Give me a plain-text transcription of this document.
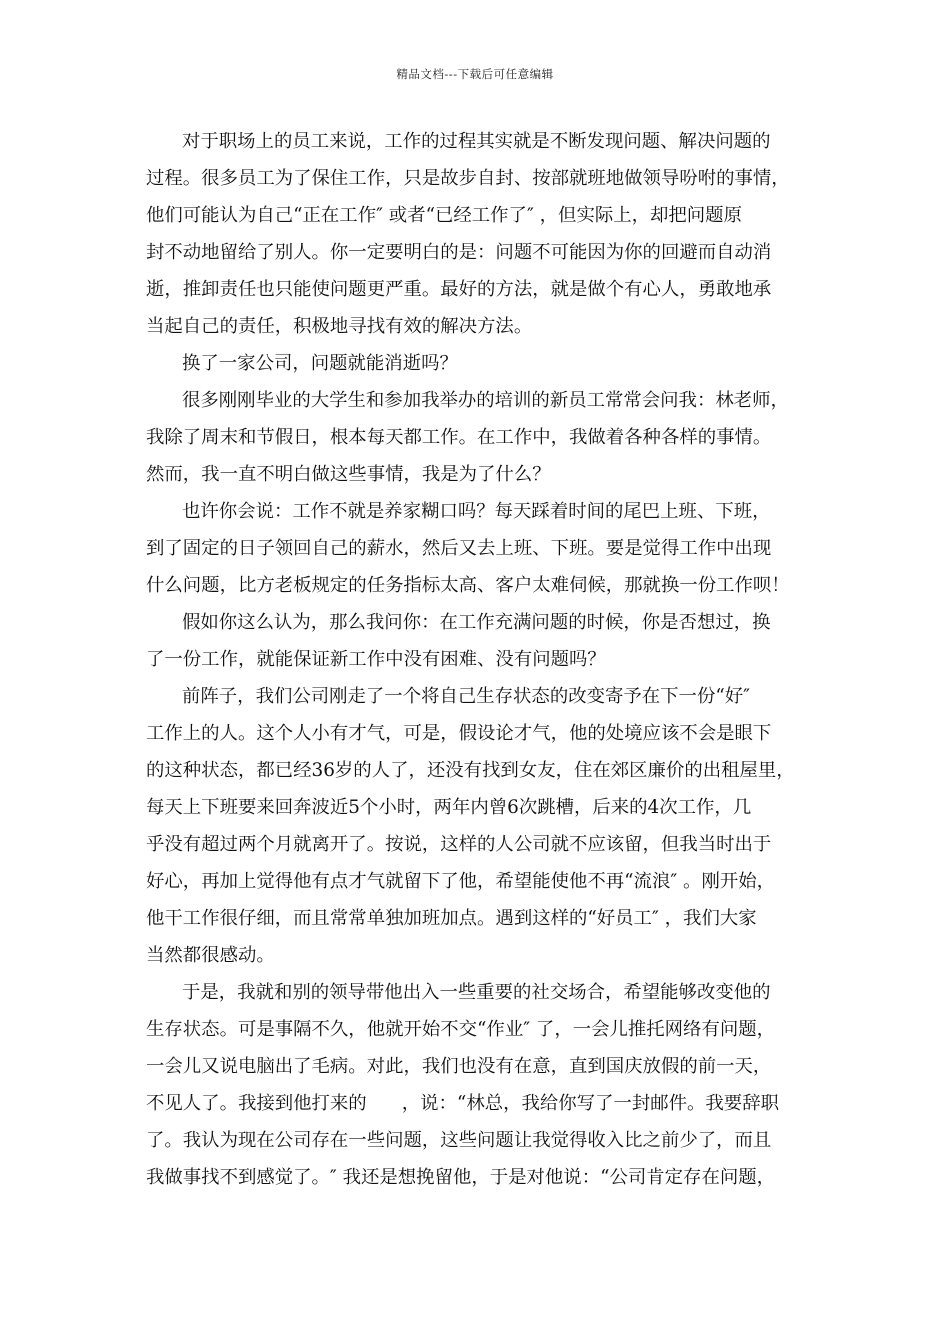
精品文档---下载后可任意编辑
对于职场上的员工来说，工作的过程其实就是不断发现问题、解决问题的
过程。很多员工为了保住工作，只是故步自封、按部就班地做领导吩咐的事情，
他们可能认为自己“正在工作″ 或者“已经工作了″ ，但实际上，却把问题原
封不动地留给了别人。你一定要明白的是：问题不可能因为你的回避而自动消
逝，推卸责任也只能使问题更严重。最好的方法，就是做个有心人，勇敢地承
当起自己的责任，积极地寻找有效的解决方法。
换了一家公司，问题就能消逝吗？
很多刚刚毕业的大学生和参加我举办的培训的新员工常常会问我：林老师，
我除了周末和节假日，根本每天都工作。在工作中，我做着各种各样的事情。
然而，我一直不明白做这些事情，我是为了什么？
也许你会说：工作不就是养家糊口吗？每天踩着时间的尾巴上班、下班，
到了固定的日子领回自己的薪水，然后又去上班、下班。要是觉得工作中出现
什么问题，比方老板规定的任务指标太高、客户太难伺候，那就换一份工作呗！
假如你这么认为，那么我问你：在工作充满问题的时候，你是否想过，换
了一份工作，就能保证新工作中没有困难、没有问题吗？
前阵子，我们公司刚走了一个将自己生存状态的改变寄予在下一份“好″
工作上的人。这个人小有才气，可是，假设论才气，他的处境应该不会是眼下
的这种状态，都已经36岁的人了，还没有找到女友，住在郊区廉价的出租屋里，
每天上下班要来回奔波近5个小时，两年内曾6次跳槽，后来的4次工作，几
乎没有超过两个月就离开了。按说，这样的人公司就不应该留，但我当时出于
好心，再加上觉得他有点才气就留下了他，希望能使他不再“流浪″ 。刚开始，
他干工作很仔细，而且常常单独加班加点。遇到这样的“好员工″ ，我们大家
当然都很感动。
于是，我就和别的领导带他出入一些重要的社交场合，希望能够改变他的
生存状态。可是事隔不久，他就开始不交“作业″ 了，一会儿推托网络有问题，
一会儿又说电脑出了毛病。对此，我们也没有在意，直到国庆放假的前一天，
不见人了。我接到他打来的      ，说：“林总，我给你写了一封邮件。我要辞职
了。我认为现在公司存在一些问题，这些问题让我觉得收入比之前少了，而且
我做事找不到感觉了。″ 我还是想挽留他，于是对他说：“公司肯定存在问题，
